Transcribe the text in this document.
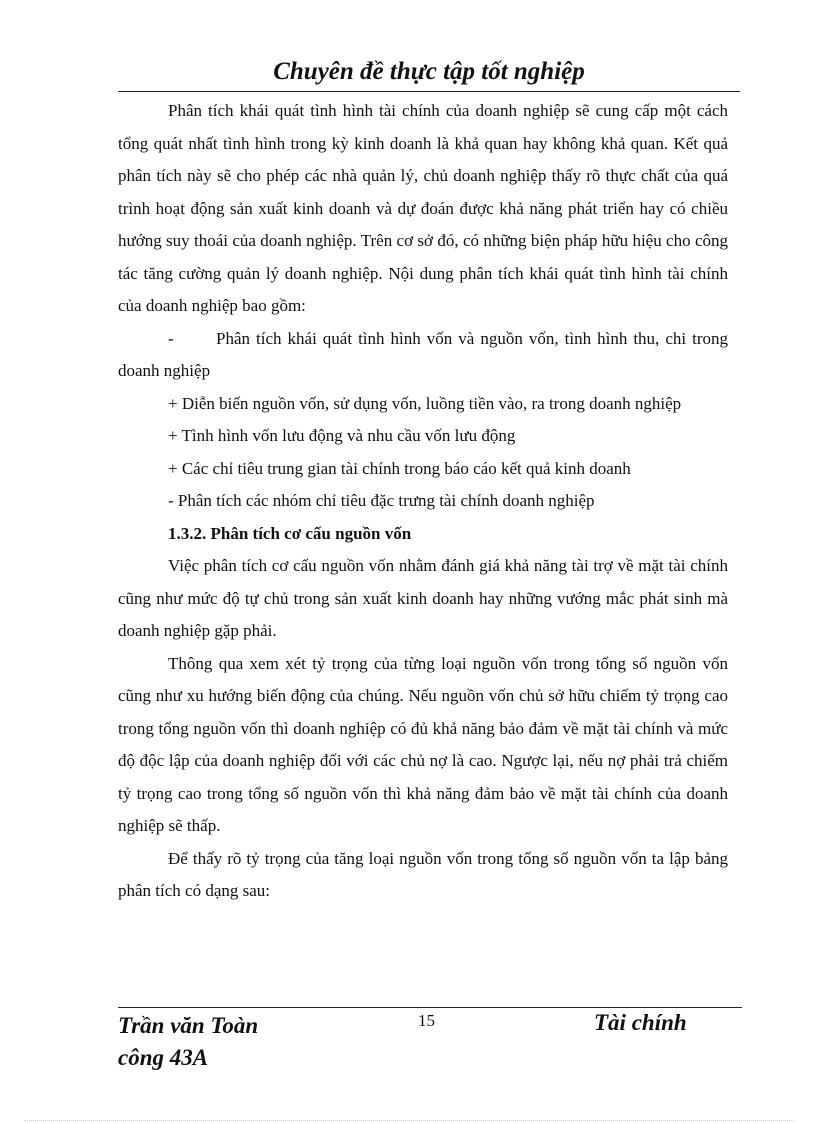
Chuyên đề thực tập tốt nghiệp

Phân tích khái quát tình hình tài chính của doanh nghiệp sẽ cung cấp một cách tổng quát nhất tình hình trong kỳ kinh doanh là khả quan hay không khả quan. Kết quả phân tích này sẽ cho phép các nhà quản lý, chủ doanh nghiệp thấy rõ thực chất của quá trình hoạt động sản xuất kinh doanh và dự đoán được khả năng phát triển hay có chiều hướng suy thoái của doanh nghiệp. Trên cơ sở đó, có những biện pháp hữu hiệu cho công tác tăng cường quản lý doanh nghiệp. Nội dung phân tích khái quát tình hình tài chính của doanh nghiệp bao gồm:

- Phân tích khái quát tình hình vốn và nguồn vốn, tình hình thu, chi trong doanh nghiệp

+ Diễn biến nguồn vốn, sử dụng vốn, luồng tiền vào, ra trong doanh nghiệp

+ Tình hình vốn lưu động và nhu cầu vốn lưu động

+ Các chỉ tiêu trung gian tài chính trong báo cáo kết quả kinh doanh

- Phân tích các nhóm chỉ tiêu đặc trưng tài chính doanh nghiệp

1.3.2. Phân tích cơ cấu nguồn vốn

Việc phân tích cơ cấu nguồn vốn nhằm đánh giá khả năng tài trợ về mặt tài chính cũng như mức độ tự chủ trong sản xuất kinh doanh hay những vướng mắc phát sinh mà doanh nghiệp gặp phải.

Thông qua xem xét tỷ trọng của từng loại nguồn vốn trong tổng số nguồn vốn cũng như xu hướng biến động của chúng. Nếu nguồn vốn chủ sở hữu chiếm tỷ trọng cao trong tổng nguồn vốn thì doanh nghiệp có đủ khả năng bảo đảm về mặt tài chính và mức độ độc lập của doanh nghiệp đối với các chủ nợ là cao. Ngược lại, nếu nợ phải trả chiếm tỷ trọng cao trong tổng số nguồn vốn thì khả năng đảm bảo về mặt tài chính của doanh nghiệp sẽ thấp.

Để thấy rõ tỷ trọng của tăng loại nguồn vốn trong tổng số nguồn vốn ta lập bảng phân tích có dạng sau:

Trần văn Toàn
công 43A
15	Tài chính
